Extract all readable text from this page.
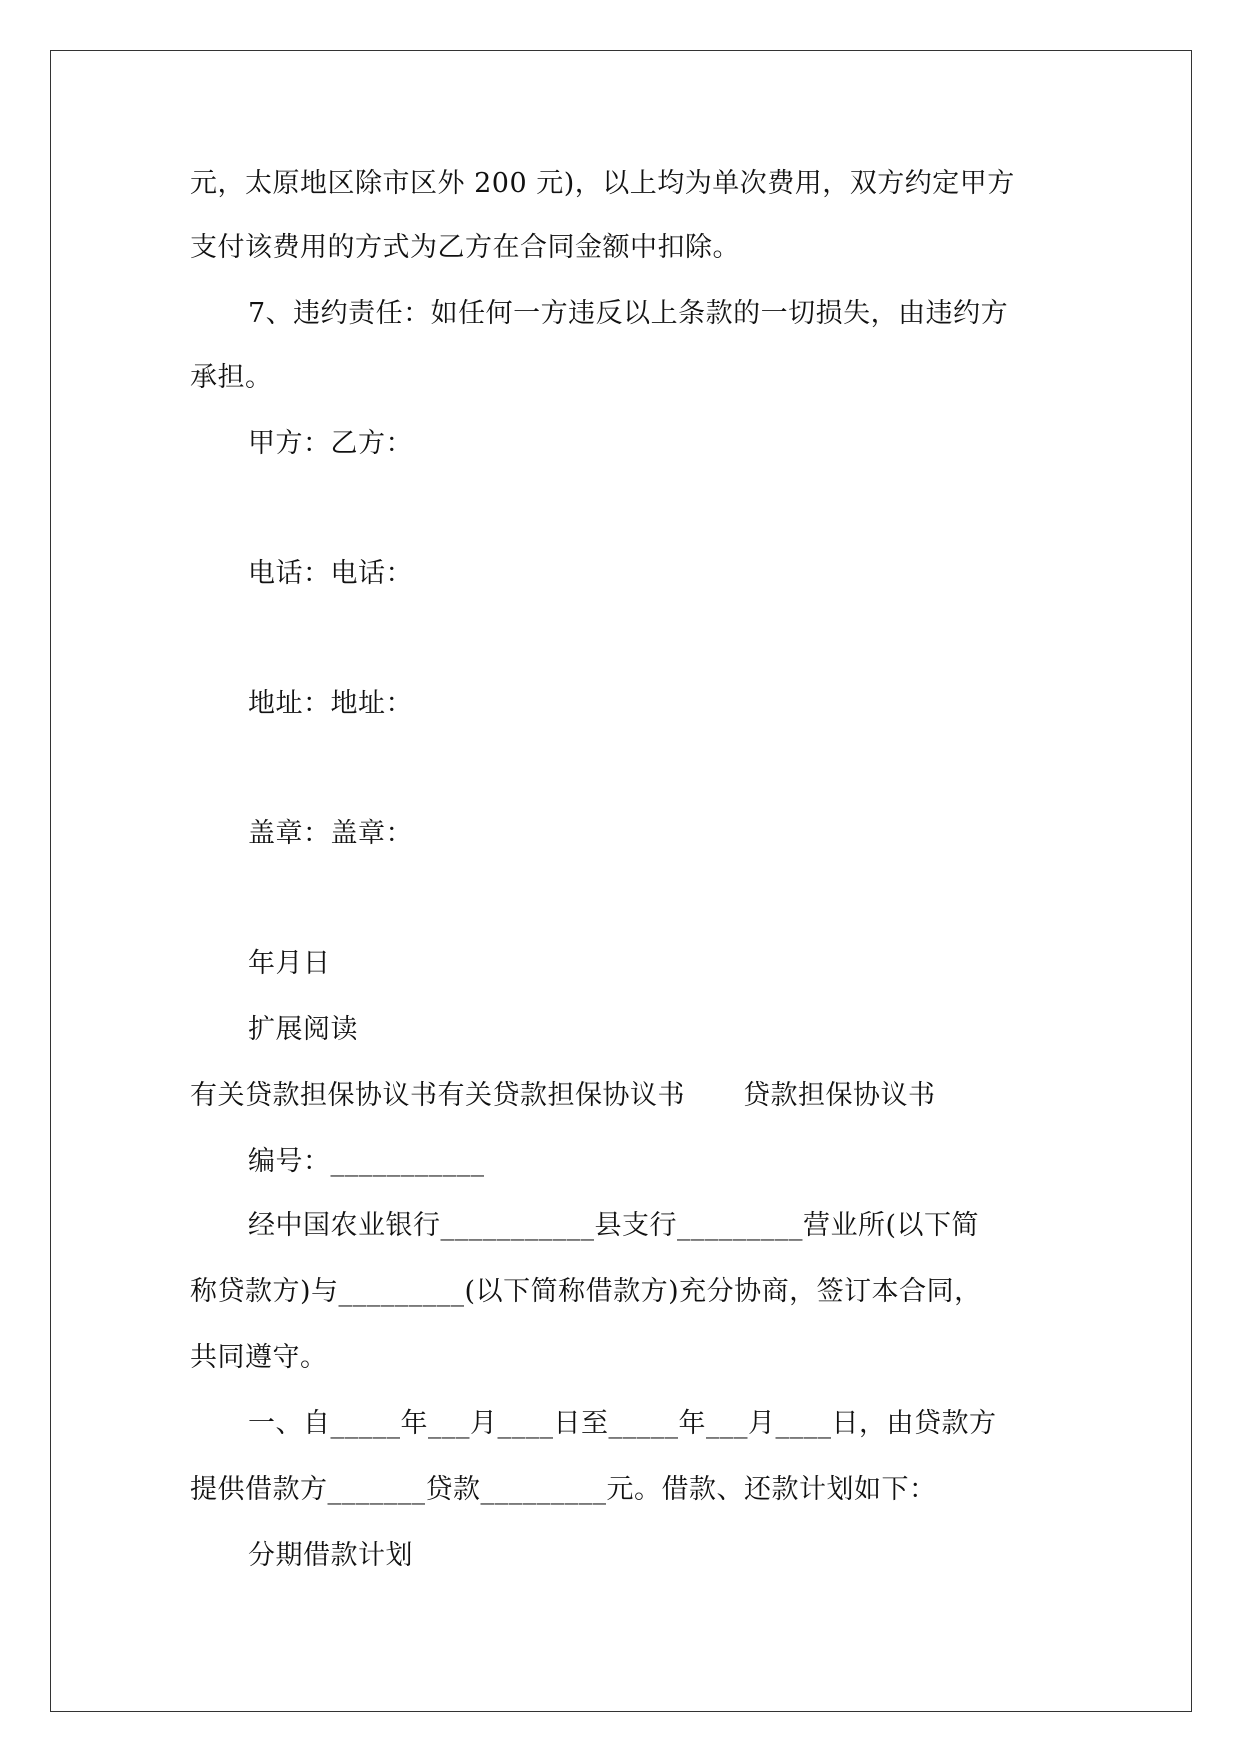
元，太原地区除市区外 200 元)，以上均为单次费用，双方约定甲方
支付该费用的方式为乙方在合同金额中扣除。
7、违约责任：如任何一方违反以上条款的一切损失，由违约方
承担。
甲方：乙方：
电话：电话：
地址：地址：
盖章：盖章：
年月日
扩展阅读
有关贷款担保协议书有关贷款担保协议书 贷款担保协议书
编号：___________
经中国农业银行___________县支行_________营业所(以下简
称贷款方)与_________(以下简称借款方)充分协商，签订本合同，
共同遵守。
一、自_____年___月____日至_____年___月____日，由贷款方
提供借款方_______贷款_________元。借款、还款计划如下：
分期借款计划
